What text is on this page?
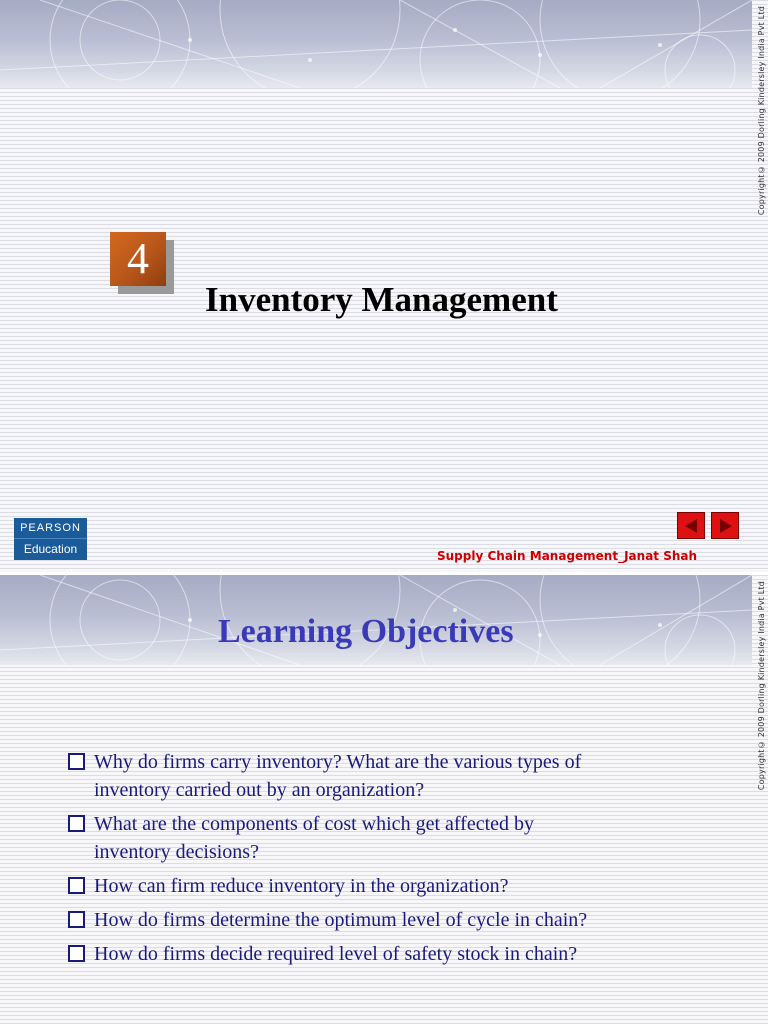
Copyright© 2009 Dorling Kindersley India Pvt Ltd
4
Inventory Management
PEARSON
Education	Supply Chain Management_Janat Shah
Copyright© 2009 Dorling Kindersley India Pvt Ltd
Learning Objectives
Why do firms carry inventory? What are the various types of
inventory carried out by an organization?
What are the components of cost which get affected by
inventory decisions?
How can firm reduce inventory in the organization?
How do firms determine the optimum level of cycle in chain?
How do firms decide required level of safety stock in chain?
